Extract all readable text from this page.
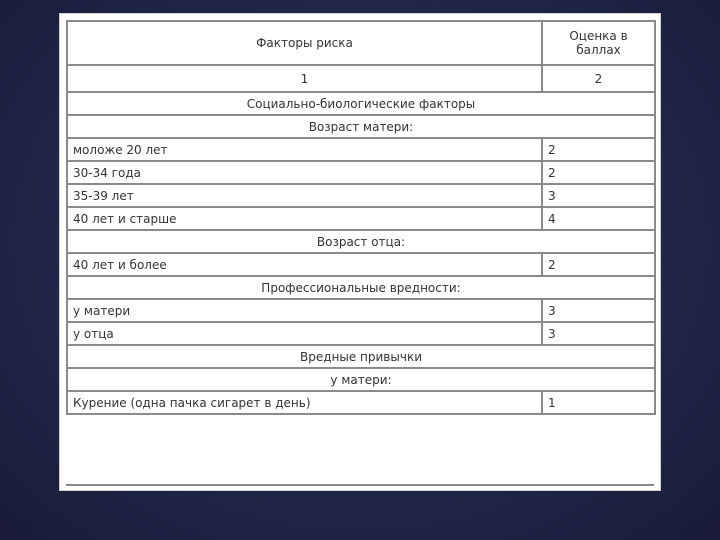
Факторы риска	Оценка в баллах
1	2
Социально-биологические факторы	
Возраст матери:	
моложе 20 лет	2
30-34 года	2
35-39 лет	3
40 лет и старше	4
Возраст отца:	
40 лет и более	2
Профессиональные вредности:	
у матери	3
у отца	3
Вредные привычки	
у матери:	
Курение (одна пачка сигарет в день)	1
